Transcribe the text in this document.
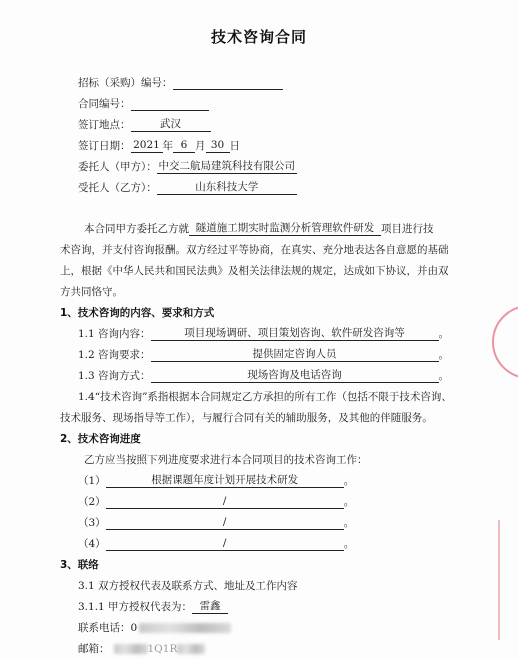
技术咨询合同
招标（采购）编号：
合同编号：
签订地点：	武汉
签订日期： 2021 年 6 月 30 日
委托人（甲方）： 中交二航局建筑科技有限公司
受托人（乙方）：	山东科技大学
本合同甲方委托乙方就 隧道施工期实时监测分析管理软件研发 项目进行技
术咨询，并支付咨询报酬。双方经过平等协商，在真实、充分地表达各自意愿的基础
上，根据《中华人民共和国民法典》及相关法律法规的规定，达成如下协议，并由双
方共同恪守。
1、技术咨询的内容、要求和方式
1.1 咨询内容：	项目现场调研、项目策划咨询、软件研发咨询等	。
1.2 咨询要求：	提供固定咨询人员	。
1.3 咨询方式：	现场咨询及电话咨询	。
1.4“技术咨询”系指根据本合同规定乙方承担的所有工作（包括不限于技术咨询、
技术服务、现场指导等工作），与履行合同有关的辅助服务，及其他的伴随服务。
2、技术咨询进度
乙方应当按照下列进度要求进行本合同项目的技术咨询工作：
（1）	根据课题年度计划开展技术研发	。
（2）	/	。
（3）	/	。
（4）	/	。
3、联络
3.1 双方授权代表及联系方式、地址及工作内容
3.1.1 甲方授权代表为： 雷鑫
联系电话：0
邮箱：	1Q1R
